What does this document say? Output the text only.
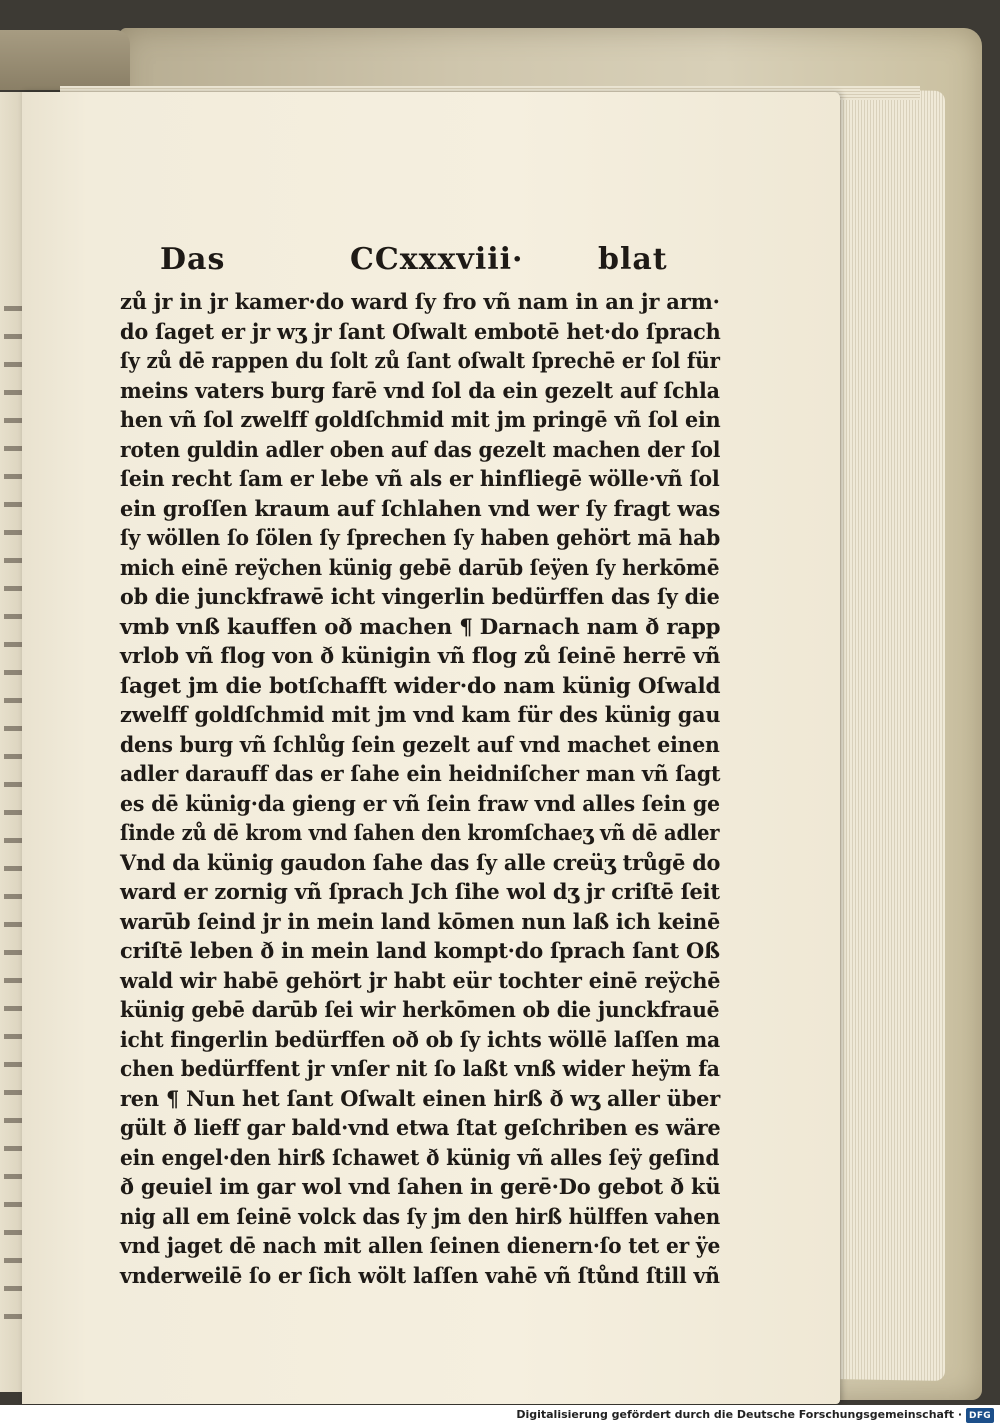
Das	CCxxxviii· blat
zů jr in jr kamer·do ward ſy fro vñ nam in an jr arm·
do ſaget er jr wʒ jr ſant Oſwalt embotē het·do ſprach
ſy zů dē rappen du ſolt zů ſant oſwalt ſprechē er ſol für
meins vaters burg farē vnd ſol da ein gezelt auf ſchla
hen vñ ſol zwelff goldſchmid mit jm pringē vñ ſol ein
roten guldin adler oben auf das gezelt machen der ſol
ſein recht ſam er lebe vñ als er hinfliegē wölle·vñ ſol
ein groſſen kraum auf ſchlahen vnd wer ſy fragt was
ſy wöllen ſo ſölen ſy ſprechen ſy haben gehört mā hab
mich einē reÿchen künig gebē darūb ſeÿen ſy herkōmē
ob die junckfrawē icht vingerlin bedürffen das ſy die
vmb vnß kauffen oð machen ¶ Darnach nam ð rapp
vrlob vñ flog von ð künigin vñ flog zů ſeinē herrē vñ
ſaget jm die botſchafft wider·do nam künig Oſwald
zwelff goldſchmid mit jm vnd kam für des künig gau
dens burg vñ ſchlůg ſein gezelt auf vnd machet einen
adler darauff das er ſahe ein heidniſcher man vñ ſagt
es dē künig·da gieng er vñ ſein fraw vnd alles ſein ge
ſinde zů dē krom vnd ſahen den kromſchaeʒ vñ dē adler
Vnd da künig gaudon ſahe das ſy alle creüʒ trůgē do
ward er zornig vñ ſprach Jch ſihe wol dʒ jr criſtē ſeit
warūb ſeind jr in mein land kōmen nun laß ich keinē
criſtē leben ð in mein land kompt·do ſprach ſant Oß
wald wir habē gehört jr habt eür tochter einē reÿchē
künig gebē darūb ſei wir herkōmen ob die junckfrauē
icht fingerlin bedürffen oð ob ſy ichts wöllē laſſen ma
chen bedürffent jr vnſer nit ſo laßt vnß wider heÿm fa
ren ¶ Nun het ſant Oſwalt einen hirß ð wʒ aller über
gült ð lieff gar bald·vnd etwa ſtat geſchriben es wäre
ein engel·den hirß ſchawet ð künig vñ alles ſeÿ geſind
ð geuiel im gar wol vnd ſahen in gerē·Do gebot ð kü
nig all em ſeinē volck das ſy jm den hirß hülffen vahen
vnd jaget dē nach mit allen ſeinen dienern·ſo tet er ÿe
vnderweilē ſo er ſich wölt laſſen vahē vñ ſtůnd ſtill vñ
Digitalisierung gefördert durch die Deutsche Forschungsgemeinschaft · DFG
